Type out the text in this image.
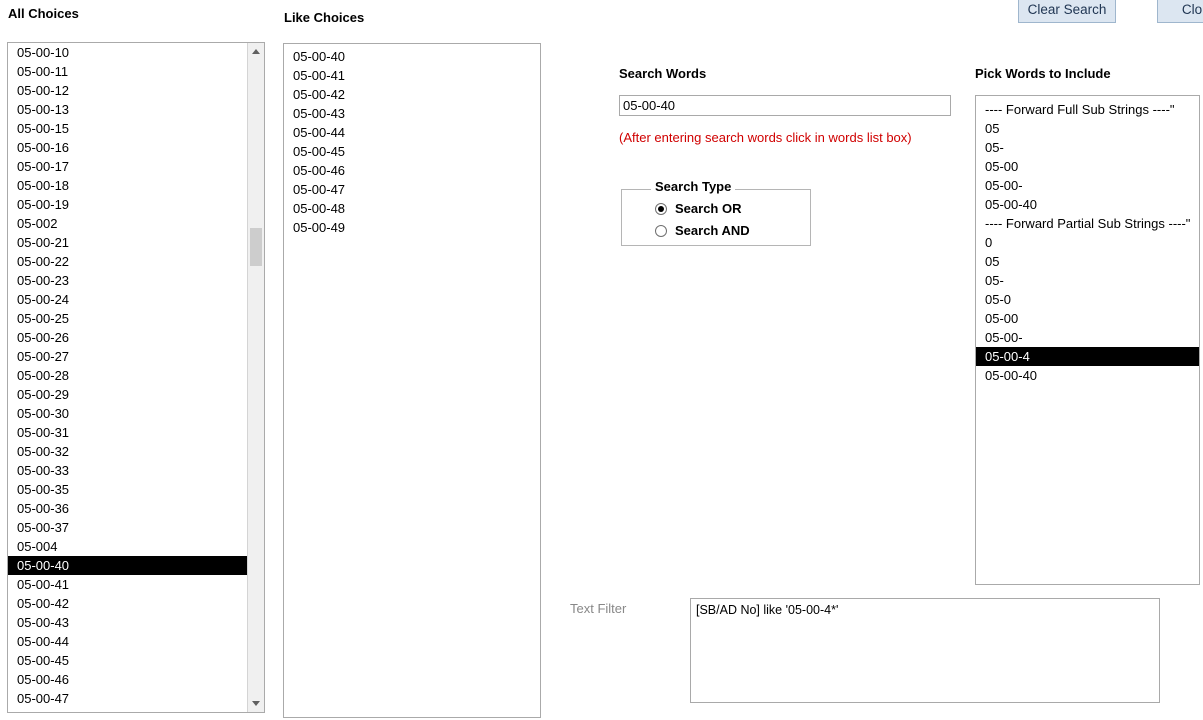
Clear Search	Clo
All Choices
05-00-10
05-00-11
05-00-12
05-00-13
05-00-15
05-00-16
05-00-17
05-00-18
05-00-19
05-002
05-00-21
05-00-22
05-00-23
05-00-24
05-00-25
05-00-26
05-00-27
05-00-28
05-00-29
05-00-30
05-00-31
05-00-32
05-00-33
05-00-35
05-00-36
05-00-37
05-004
05-00-40
05-00-41
05-00-42
05-00-43
05-00-44
05-00-45
05-00-46
05-00-47
Like Choices
05-00-40
05-00-41
05-00-42
05-00-43
05-00-44
05-00-45
05-00-46
05-00-47
05-00-48
05-00-49
Search Words
05-00-40
(After entering search words click in words list box)
Search Type
Search OR
Search AND
Pick Words to Include
---- Forward Full Sub Strings ----"
05
05-
05-00
05-00-
05-00-40
---- Forward Partial Sub Strings ----"
0
05
05-
05-0
05-00
05-00-
05-00-4
05-00-40
Text Filter
[SB/AD No] like '05-00-4*'
